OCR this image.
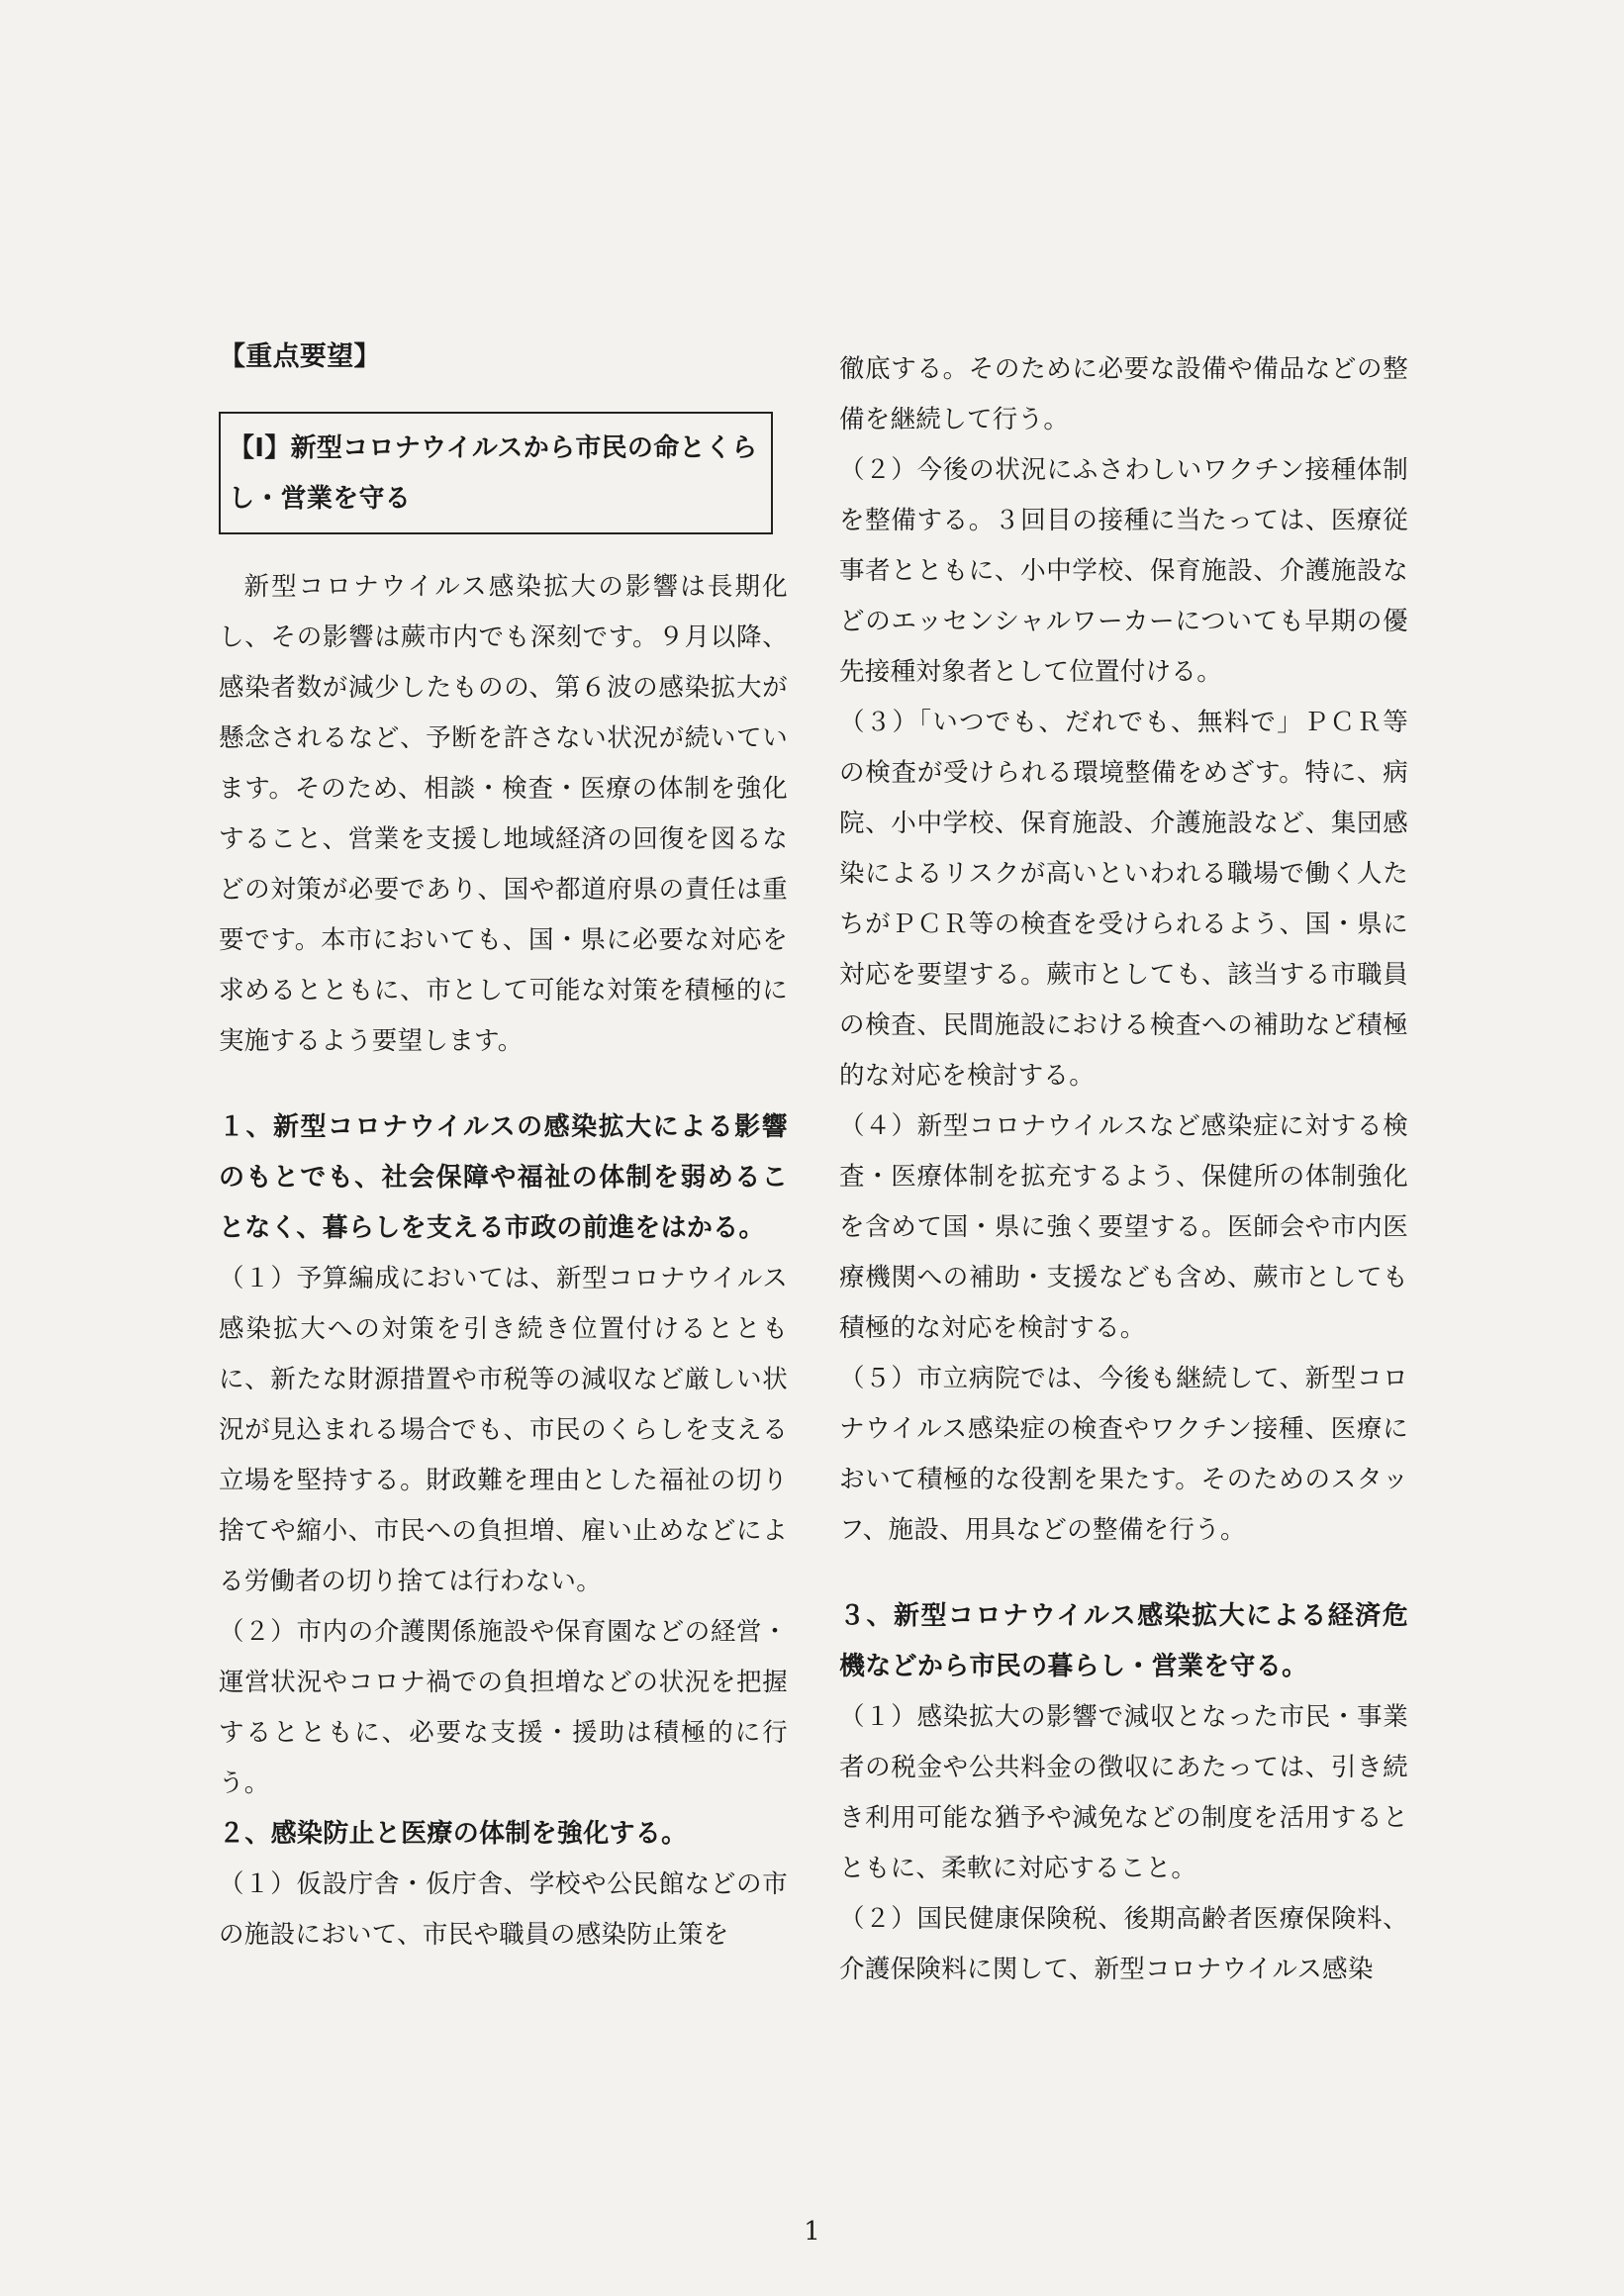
【重点要望】

【Ⅰ】新型コロナウイルスから市民の命とくらし・営業を守る

新型コロナウイルス感染拡大の影響は長期化し、その影響は蕨市内でも深刻です。９月以降、感染者数が減少したものの、第６波の感染拡大が懸念されるなど、予断を許さない状況が続いています。そのため、相談・検査・医療の体制を強化すること、営業を支援し地域経済の回復を図るなどの対策が必要であり、国や都道府県の責任は重要です。本市においても、国・県に必要な対応を求めるとともに、市として可能な対策を積極的に実施するよう要望します。

１、新型コロナウイルスの感染拡大による影響のもとでも、社会保障や福祉の体制を弱めることなく、暮らしを支える市政の前進をはかる。

（１）予算編成においては、新型コロナウイルス感染拡大への対策を引き続き位置付けるとともに、新たな財源措置や市税等の減収など厳しい状況が見込まれる場合でも、市民のくらしを支える立場を堅持する。財政難を理由とした福祉の切り捨てや縮小、市民への負担増、雇い止めなどによる労働者の切り捨ては行わない。

（２）市内の介護関係施設や保育園などの経営・運営状況やコロナ禍での負担増などの状況を把握するとともに、必要な支援・援助は積極的に行う。

２、感染防止と医療の体制を強化する。

（１）仮設庁舎・仮庁舎、学校や公民館などの市の施設において、市民や職員の感染防止策を

徹底する。そのために必要な設備や備品などの整備を継続して行う。

（２）今後の状況にふさわしいワクチン接種体制を整備する。３回目の接種に当たっては、医療従事者とともに、小中学校、保育施設、介護施設などのエッセンシャルワーカーについても早期の優先接種対象者として位置付ける。

（３）「いつでも、だれでも、無料で」ＰＣＲ等の検査が受けられる環境整備をめざす。特に、病院、小中学校、保育施設、介護施設など、集団感染によるリスクが高いといわれる職場で働く人たちがＰＣＲ等の検査を受けられるよう、国・県に対応を要望する。蕨市としても、該当する市職員の検査、民間施設における検査への補助など積極的な対応を検討する。

（４）新型コロナウイルスなど感染症に対する検査・医療体制を拡充するよう、保健所の体制強化を含めて国・県に強く要望する。医師会や市内医療機関への補助・支援なども含め、蕨市としても積極的な対応を検討する。

（５）市立病院では、今後も継続して、新型コロナウイルス感染症の検査やワクチン接種、医療において積極的な役割を果たす。そのためのスタッフ、施設、用具などの整備を行う。

３、新型コロナウイルス感染拡大による経済危機などから市民の暮らし・営業を守る。

（１）感染拡大の影響で減収となった市民・事業者の税金や公共料金の徴収にあたっては、引き続き利用可能な猶予や減免などの制度を活用するとともに、柔軟に対応すること。

（２）国民健康保険税、後期高齢者医療保険料、介護保険料に関して、新型コロナウイルス感染

1
